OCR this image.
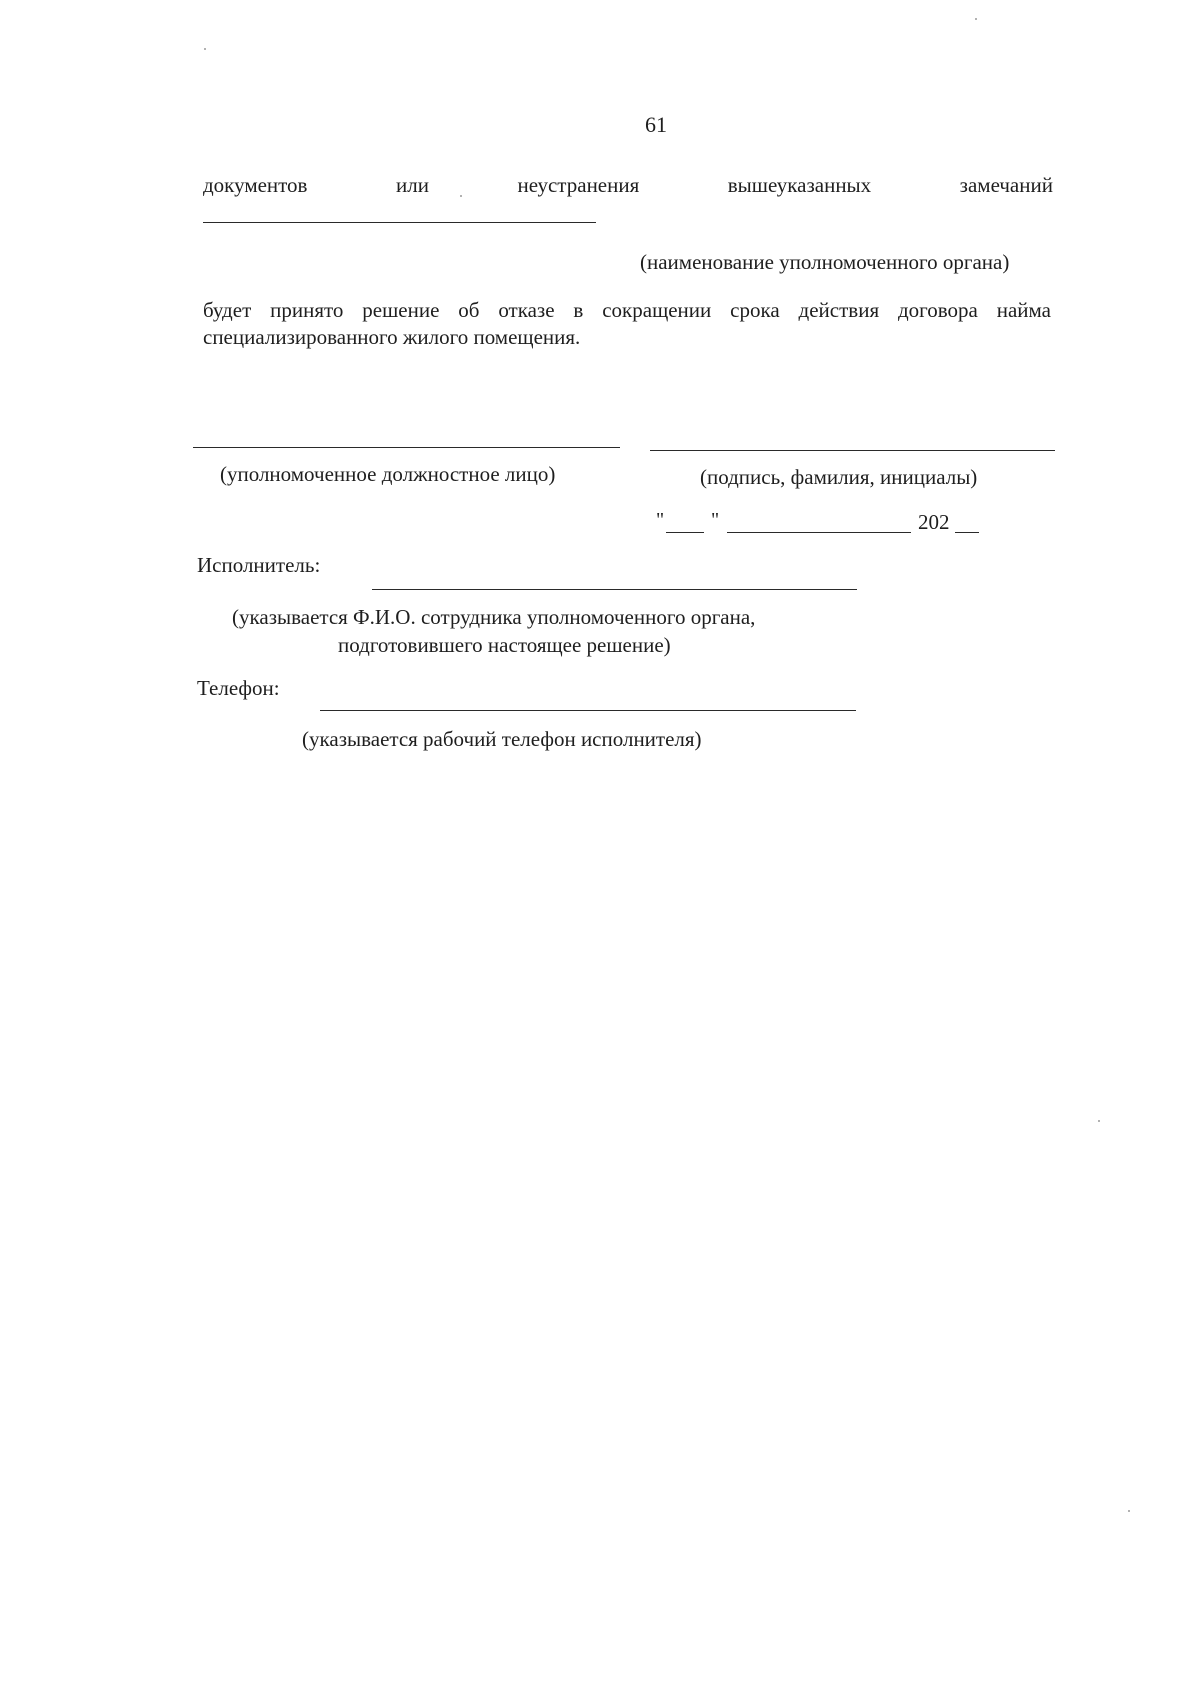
61
документов	или	неустранения	вышеуказанных	замечаний
(наименование уполномоченного органа)
будет принято решение об отказе в сокращении срока действия договора найма
специализированного жилого помещения.
(уполномоченное должностное лицо)	(подпись, фамилия, инициалы)
" "	202
Исполнитель:
(указывается Ф.И.О. сотрудника уполномоченного органа,
подготовившего настоящее решение)
Телефон:
(указывается рабочий телефон исполнителя)
